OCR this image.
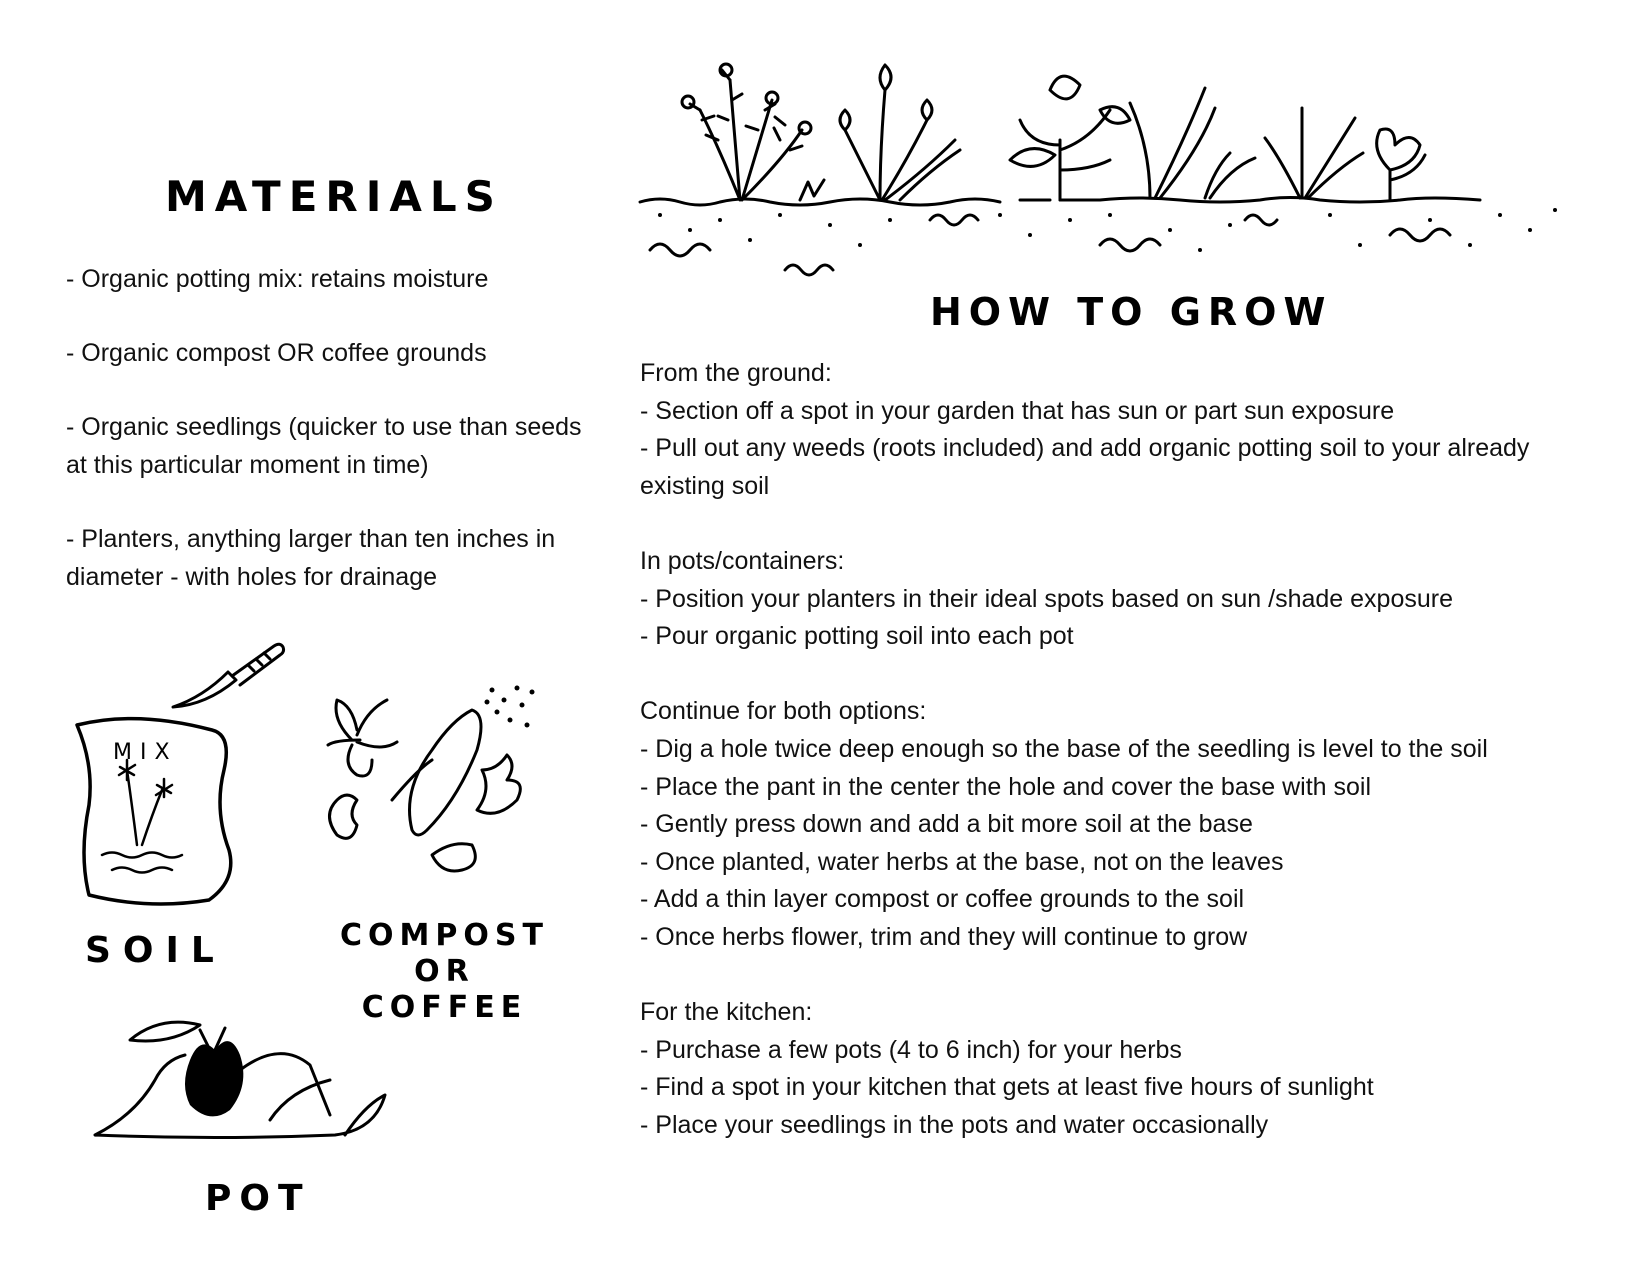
MATERIALS
- Organic potting mix: retains moisture
- Organic compost OR coffee grounds
- Organic seedlings (quicker to use than seeds at this particular moment in time)
- Planters, anything larger than ten inches in diameter - with holes for drainage
MIX
SOIL	COMPOST
OR
COFFEE
POT
HOW TO GROW
From the ground:
- Section off a spot in your garden that has sun or part sun exposure
- Pull out any weeds (roots included) and add organic potting soil to your already existing soil
In pots/containers:
- Position your planters in their ideal spots based on sun /shade exposure
- Pour organic potting soil into each pot
Continue for both options:
- Dig a hole twice deep enough so the base of the seedling is level to the soil
- Place the pant in the center the hole and cover the base with soil
- Gently press down and add a bit more soil at the base
- Once planted, water herbs at the base, not on the leaves
- Add a thin layer compost or coffee grounds to the soil
- Once herbs flower, trim and they will continue to grow
For the kitchen:
- Purchase a few pots (4 to 6 inch) for your herbs
- Find a spot in your kitchen that gets at least five hours of sunlight
- Place your seedlings in the pots and water occasionally
